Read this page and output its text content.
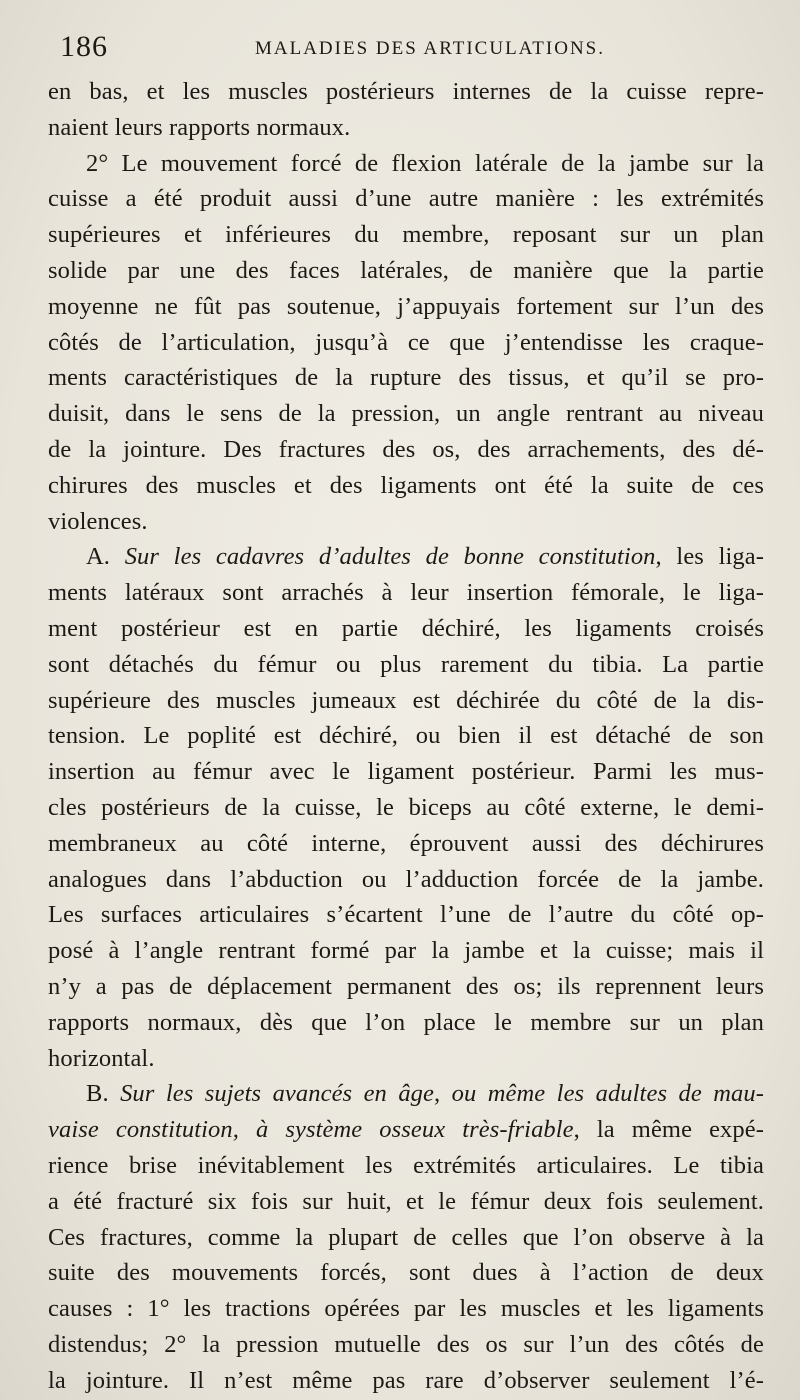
186	MALADIES DES ARTICULATIONS.
en bas, et les muscles postérieurs internes de la cuisse repre-
naient leurs rapports normaux.
2° Le mouvement forcé de flexion latérale de la jambe sur la
cuisse a été produit aussi d’une autre manière : les extrémités
supérieures et inférieures du membre, reposant sur un plan
solide par une des faces latérales, de manière que la partie
moyenne ne fût pas soutenue, j’appuyais fortement sur l’un des
côtés de l’articulation, jusqu’à ce que j’entendisse les craque-
ments caractéristiques de la rupture des tissus, et qu’il se pro-
duisit, dans le sens de la pression, un angle rentrant au niveau
de la jointure. Des fractures des os, des arrachements, des dé-
chirures des muscles et des ligaments ont été la suite de ces
violences.
A. Sur les cadavres d’adultes de bonne constitution, les liga-
ments latéraux sont arrachés à leur insertion fémorale, le liga-
ment postérieur est en partie déchiré, les ligaments croisés
sont détachés du fémur ou plus rarement du tibia. La partie
supérieure des muscles jumeaux est déchirée du côté de la dis-
tension. Le poplité est déchiré, ou bien il est détaché de son
insertion au fémur avec le ligament postérieur. Parmi les mus-
cles postérieurs de la cuisse, le biceps au côté externe, le demi-
membraneux au côté interne, éprouvent aussi des déchirures
analogues dans l’abduction ou l’adduction forcée de la jambe.
Les surfaces articulaires s’écartent l’une de l’autre du côté op-
posé à l’angle rentrant formé par la jambe et la cuisse; mais il
n’y a pas de déplacement permanent des os; ils reprennent leurs
rapports normaux, dès que l’on place le membre sur un plan
horizontal.
B. Sur les sujets avancés en âge, ou même les adultes de mau-
vaise constitution, à système osseux très-friable, la même expé-
rience brise inévitablement les extrémités articulaires. Le tibia
a été fracturé six fois sur huit, et le fémur deux fois seulement.
Ces fractures, comme la plupart de celles que l’on observe à la
suite des mouvements forcés, sont dues à l’action de deux
causes : 1° les tractions opérées par les muscles et les ligaments
distendus; 2° la pression mutuelle des os sur l’un des côtés de
la jointure. Il n’est même pas rare d’observer seulement l’é-
